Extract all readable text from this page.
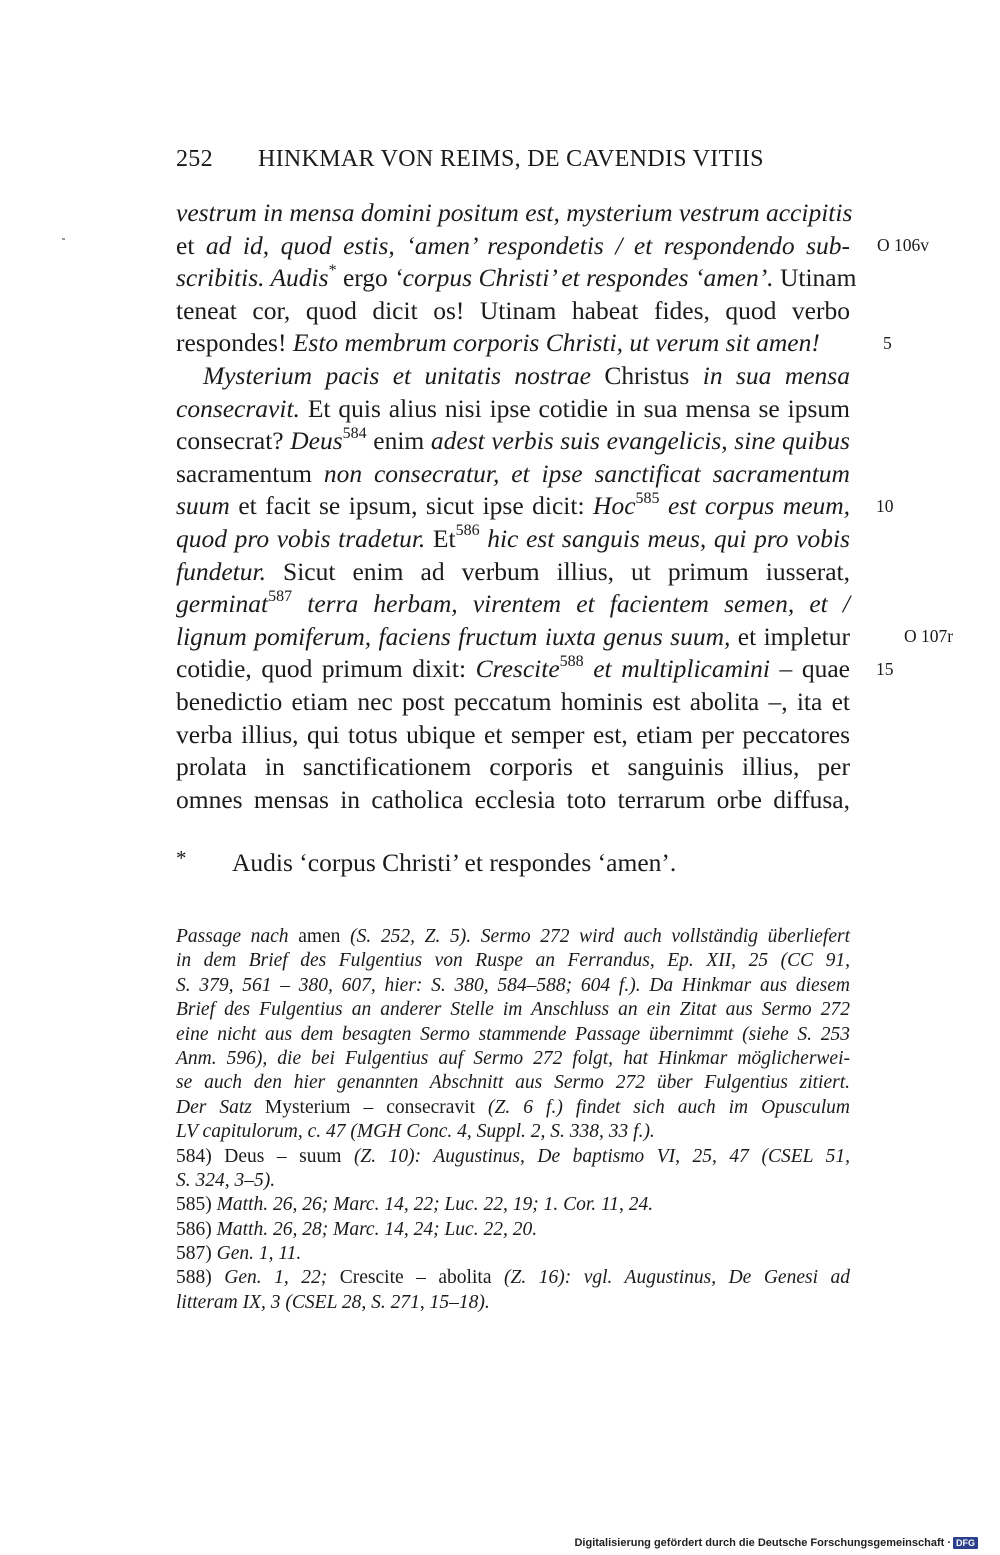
252 HINKMAR VON REIMS, DE CAVENDIS VITIIS
vestrum in mensa domini positum est, mysterium vestrum accipitis
et ad id, quod estis, ‘amen’ respondetis / et respondendo sub-
scribitis. Audis* ergo ‘corpus Christi’ et respondes ‘amen’. Utinam
teneat cor, quod dicit os! Utinam habeat fides, quod verbo
respondes! Esto membrum corporis Christi, ut verum sit amen!
Mysterium pacis et unitatis nostrae Christus in sua mensa
consecravit. Et quis alius nisi ipse cotidie in sua mensa se ipsum
consecrat? Deus$^{584}$ enim adest verbis suis evangelicis, sine quibus
sacramentum non consecratur, et ipse sanctificat sacramentum
suum et facit se ipsum, sicut ipse dicit: Hoc$^{585}$ est corpus meum,
quod pro vobis tradetur. Et$^{586}$ hic est sanguis meus, qui pro vobis
fundetur. Sicut enim ad verbum illius, ut primum iusserat,
germinat$^{587}$ terra herbam, virentem et facientem semen, et /
lignum pomiferum, faciens fructum iuxta genus suum, et impletur
cotidie, quod primum dixit: Crescite$^{588}$ et multiplicamini – quae
benedictio etiam nec post peccatum hominis est abolita –, ita et
verba illius, qui totus ubique et semper est, etiam per peccatores
prolata in sanctificationem corporis et sanguinis illius, per
omnes mensas in catholica ecclesia toto terrarum orbe diffusa,
O 106v
5
10
O 107r
15
* Audis ‘corpus Christi’ et respondes ‘amen’.
Passage nach amen (S. 252, Z. 5). Sermo 272 wird auch vollständig überliefert
in dem Brief des Fulgentius von Ruspe an Ferrandus, Ep. XII, 25 (CC 91,
S. 379, 561 – 380, 607, hier: S. 380, 584–588; 604 f.). Da Hinkmar aus diesem
Brief des Fulgentius an anderer Stelle im Anschluss an ein Zitat aus Sermo 272
eine nicht aus dem besagten Sermo stammende Passage übernimmt (siehe S. 253
Anm. 596), die bei Fulgentius auf Sermo 272 folgt, hat Hinkmar möglicherwei-
se auch den hier genannten Abschnitt aus Sermo 272 über Fulgentius zitiert.
Der Satz Mysterium – consecravit (Z. 6 f.) findet sich auch im Opusculum
LV capitulorum, c. 47 (MGH Conc. 4, Suppl. 2, S. 338, 33 f.).
584) Deus – suum (Z. 10): Augustinus, De baptismo VI, 25, 47 (CSEL 51,
S. 324, 3–5).
585) Matth. 26, 26; Marc. 14, 22; Luc. 22, 19; 1. Cor. 11, 24.
586) Matth. 26, 28; Marc. 14, 24; Luc. 22, 20.
587) Gen. 1, 11.
588) Gen. 1, 22; Crescite – abolita (Z. 16): vgl. Augustinus, De Genesi ad
litteram IX, 3 (CSEL 28, S. 271, 15–18).
Digitalisierung gefördert durch die Deutsche Forschungsgemeinschaft · DFG
